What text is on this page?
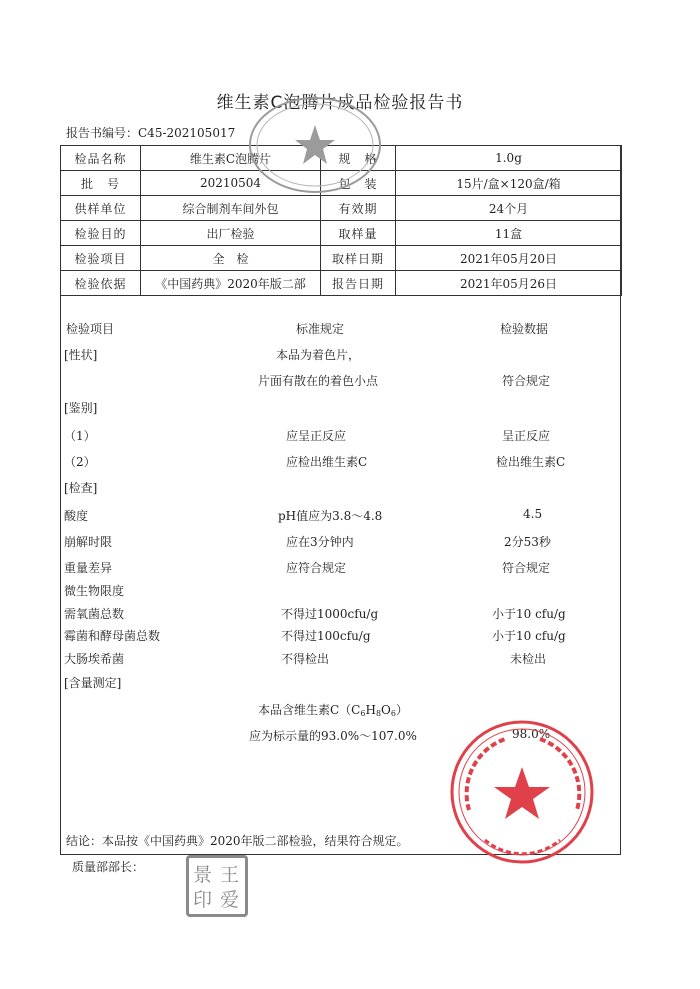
维生素C泡腾片成品检验报告书
报告书编号：C45-202105017
检品名称	维生素C泡腾片	规　格	1.0g
批　号	20210504	包　装	15片/盒×120盒/箱
供样单位	综合制剂车间外包	有效期	24个月
检验目的	出厂检验	取样量	11盒
检验项目	全　检	取样日期	2021年05月20日
检验依据	《中国药典》2020年版二部	报告日期	2021年05月26日
检验项目	标准规定	检验数据
[性状]	本品为着色片，
片面有散在的着色小点	符合规定
[鉴别]
（1）	应呈正反应	呈正反应
（2）	应检出维生素C	检出维生素C
[检查]
酸度	pH值应为3.8～4.8	4.5
崩解时限	应在3分钟内	2分53秒
重量差异	应符合规定	符合规定
微生物限度
需氧菌总数	不得过1000cfu/g	小于10 cfu/g
霉菌和酵母菌总数	不得过100cfu/g	小于10 cfu/g
大肠埃希菌	不得检出	未检出
[含量测定]
本品含维生素$C(C_6H_8O_6)$
应为标示量的93.0%～107.0%	98.0%
结论：本品按《中国药典》2020年版二部检验，结果符合规定。
质量部部长：	景 王
印 爱
